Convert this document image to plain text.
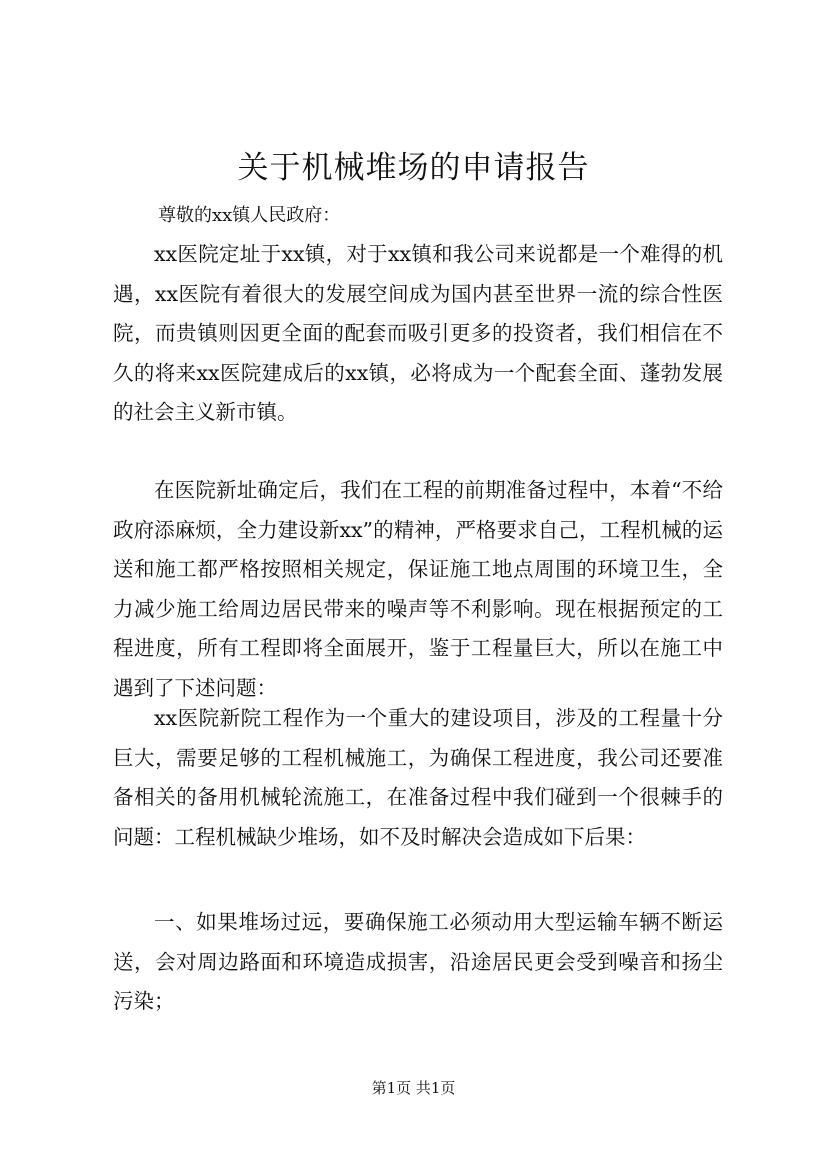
关于机械堆场的申请报告

尊敬的xx镇人民政府：

xx医院定址于xx镇，对于xx镇和我公司来说都是一个难得的机遇，xx医院有着很大的发展空间成为国内甚至世界一流的综合性医院，而贵镇则因更全面的配套而吸引更多的投资者，我们相信在不久的将来xx医院建成后的xx镇，必将成为一个配套全面、蓬勃发展的社会主义新市镇。

在医院新址确定后，我们在工程的前期准备过程中，本着“不给政府添麻烦，全力建设新xx”的精神，严格要求自己，工程机械的运送和施工都严格按照相关规定，保证施工地点周围的环境卫生，全力减少施工给周边居民带来的噪声等不利影响。现在根据预定的工程进度，所有工程即将全面展开，鉴于工程量巨大，所以在施工中遇到了下述问题：

xx医院新院工程作为一个重大的建设项目，涉及的工程量十分巨大，需要足够的工程机械施工，为确保工程进度，我公司还要准备相关的备用机械轮流施工，在准备过程中我们碰到一个很棘手的问题：工程机械缺少堆场，如不及时解决会造成如下后果：

一、如果堆场过远，要确保施工必须动用大型运输车辆不断运送，会对周边路面和环境造成损害，沿途居民更会受到噪音和扬尘污染；

第1页 共1页
